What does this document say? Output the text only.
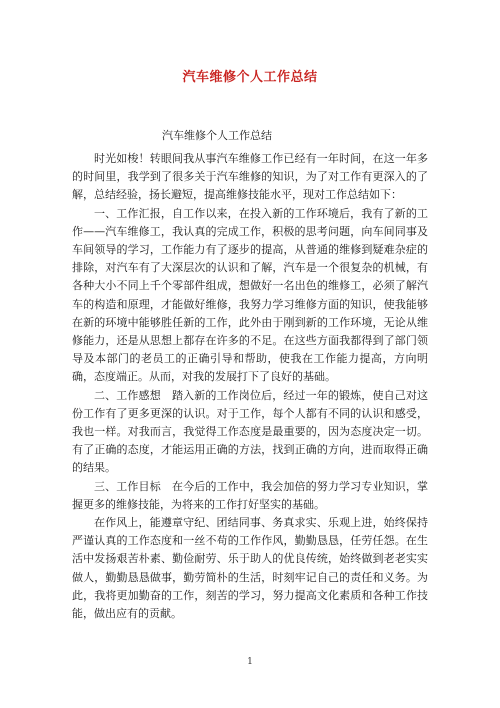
汽车维修个人工作总结
汽车维修个人工作总结

时光如梭！转眼间我从事汽车维修工作已经有一年时间，在这一年多的时间里，我学到了很多关于汽车维修的知识，为了对工作有更深入的了解，总结经验，扬长避短，提高维修技能水平，现对工作总结如下：

一、工作汇报，自工作以来，在投入新的工作环境后，我有了新的工作——汽车维修工，我认真的完成工作，积极的思考问题，向车间同事及车间领导的学习，工作能力有了逐步的提高，从普通的维修到疑难杂症的排除，对汽车有了大深层次的认识和了解，汽车是一个很复杂的机械，有各种大小不同上千个零部件组成，想做好一名出色的维修工，必须了解汽车的构造和原理，才能做好维修，我努力学习维修方面的知识，使我能够在新的环境中能够胜任新的工作，此外由于刚到新的工作环境，无论从维修能力，还是从思想上都存在许多的不足。在这些方面我都得到了部门领导及本部门的老员工的正确引导和帮助，使我在工作能力提高，方向明确，态度端正。从而，对我的发展打下了良好的基础。

二、工作感想　踏入新的工作岗位后，经过一年的锻炼，使自己对这份工作有了更多更深的认识。对于工作，每个人都有不同的认识和感受，我也一样。对我而言，我觉得工作态度是最重要的，因为态度决定一切。有了正确的态度，才能运用正确的方法，找到正确的方向，进而取得正确的结果。

三、工作目标　在今后的工作中，我会加倍的努力学习专业知识，掌握更多的维修技能，为将来的工作打好坚实的基础。

在作风上，能遵章守纪、团结同事、务真求实、乐观上进，始终保持严谨认真的工作态度和一丝不苟的工作作风，勤勤恳恳，任劳任怨。在生活中发扬艰苦朴素、勤俭耐劳、乐于助人的优良传统，始终做到老老实实做人，勤勤恳恳做事，勤劳简朴的生活，时刻牢记自己的责任和义务。为此，我将更加勤奋的工作，刻苦的学习，努力提高文化素质和各种工作技能，做出应有的贡献。

1
